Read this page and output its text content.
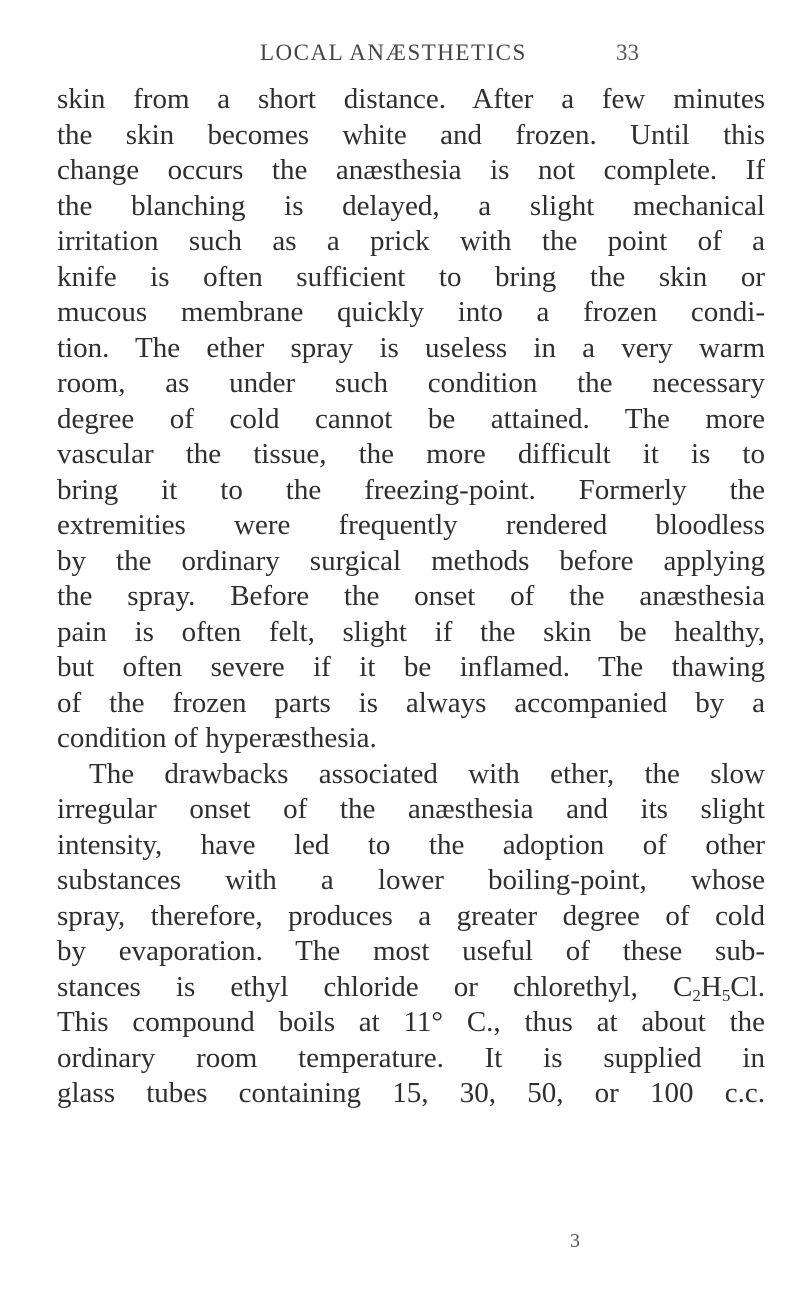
LOCAL ANÆSTHETICS	33
skin from a short distance. After a few minutes
the skin becomes white and frozen. Until this
change occurs the anæsthesia is not complete. If
the blanching is delayed, a slight mechanical
irritation such as a prick with the point of a
knife is often sufficient to bring the skin or
mucous membrane quickly into a frozen condi-
tion. The ether spray is useless in a very warm
room, as under such condition the necessary
degree of cold cannot be attained. The more
vascular the tissue, the more difficult it is to
bring it to the freezing-point. Formerly the
extremities were frequently rendered bloodless
by the ordinary surgical methods before applying
the spray. Before the onset of the anæsthesia
pain is often felt, slight if the skin be healthy,
but often severe if it be inflamed. The thawing
of the frozen parts is always accompanied by a
condition of hyperæsthesia.
The drawbacks associated with ether, the slow
irregular onset of the anæsthesia and its slight
intensity, have led to the adoption of other
substances with a lower boiling-point, whose
spray, therefore, produces a greater degree of cold
by evaporation. The most useful of these sub-
stances is ethyl chloride or chlorethyl, $C_2H_5Cl$.
This compound boils at 11° C., thus at about the
ordinary room temperature. It is supplied in
glass tubes containing 15, 30, 50, or 100 c.c.
3
